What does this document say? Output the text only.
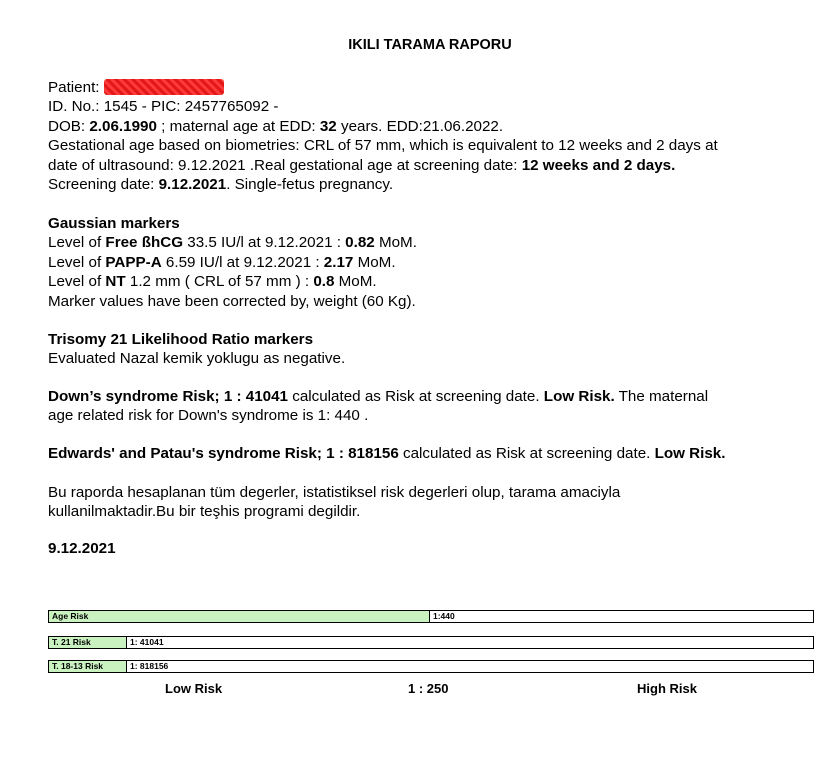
IKILI TARAMA RAPORU
Patient:
ID. No.: 1545 - PIC: 2457765092 -
DOB: 2.06.1990 ; maternal age at EDD: 32 years. EDD:21.06.2022.
Gestational age based on biometries: CRL of 57 mm, which is equivalent to 12 weeks and 2 days at
date of ultrasound: 9.12.2021 .Real gestational age at screening date: 12 weeks and 2 days.
Screening date: 9.12.2021. Single-fetus pregnancy.
Gaussian markers
Level of Free ßhCG 33.5 IU/l at 9.12.2021 : 0.82 MoM.
Level of PAPP-A 6.59 IU/l at 9.12.2021 : 2.17 MoM.
Level of NT 1.2 mm ( CRL of 57 mm ) : 0.8 MoM.
Marker values have been corrected by, weight (60 Kg).
Trisomy 21 Likelihood Ratio markers
Evaluated Nazal kemik yoklugu as negative.
Down’s syndrome Risk; 1 : 41041 calculated as Risk at screening date. Low Risk. The maternal
age related risk for Down's syndrome is 1: 440 .
Edwards' and Patau's syndrome Risk; 1 : 818156 calculated as Risk at screening date. Low Risk.
Bu raporda hesaplanan tüm degerler, istatistiksel risk degerleri olup, tarama amaciyla
kullanilmaktadir.Bu bir teşhis programi degildir.
9.12.2021
Age Risk	1:440
T. 21 Risk	1: 41041
T. 18-13 Risk	1: 818156
Low Risk	1 : 250	High Risk
